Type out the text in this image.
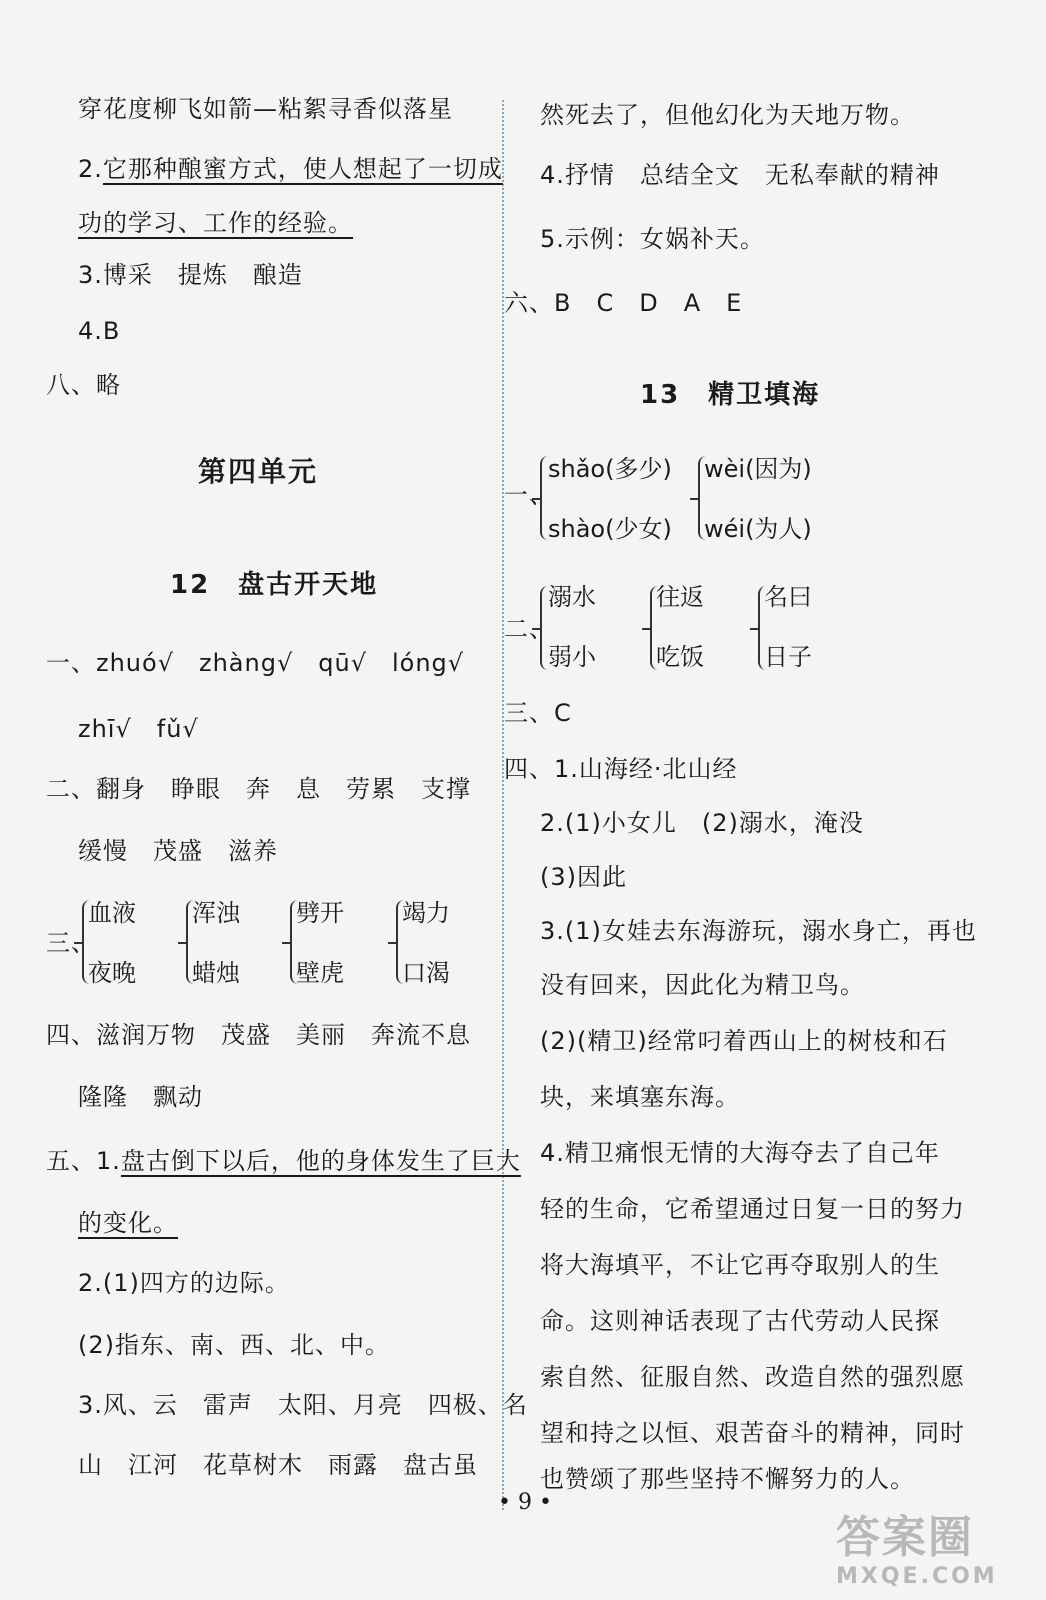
穿花度柳飞如箭—粘絮寻香似落星
2.它那种酿蜜方式，使人想起了一切成
功的学习、工作的经验。
3.博采　提炼　酿造
4.B
八、略
第四单元
12　盘古开天地
一、zhuó√　zhàng√　qū√　lóng√
zhī√　fǔ√
二、翻身　睁眼　奔　息　劳累　支撑
缓慢　茂盛　滋养
三、
血液
夜晚
浑浊
蜡烛
劈开
壁虎
竭力
口渴
四、滋润万物　茂盛　美丽　奔流不息
隆隆　飘动
五、1.盘古倒下以后，他的身体发生了巨大
的变化。
2.(1)四方的边际。
(2)指东、南、西、北、中。
3.风、云　雷声　太阳、月亮　四极、名
山　江河　花草树木　雨露　盘古虽
然死去了，但他幻化为天地万物。
4.抒情　总结全文　无私奉献的精神
5.示例：女娲补天。
六、B　C　D　A　E
13　精卫填海
一、
shǎo(多少)
shào(少女)
wèi(因为)
wéi(为人)
二、
溺水
弱小
往返
吃饭
名曰
日子
三、C
四、1.山海经·北山经
2.(1)小女儿　(2)溺水，淹没
(3)因此
3.(1)女娃去东海游玩，溺水身亡，再也
没有回来，因此化为精卫鸟。
(2)(精卫)经常叼着西山上的树枝和石
块，来填塞东海。
4.精卫痛恨无情的大海夺去了自己年
轻的生命，它希望通过日复一日的努力
将大海填平，不让它再夺取别人的生
命。这则神话表现了古代劳动人民探
索自然、征服自然、改造自然的强烈愿
望和持之以恒、艰苦奋斗的精神，同时
也赞颂了那些坚持不懈努力的人。
• 9 •
答案圈
MXQE.COM
